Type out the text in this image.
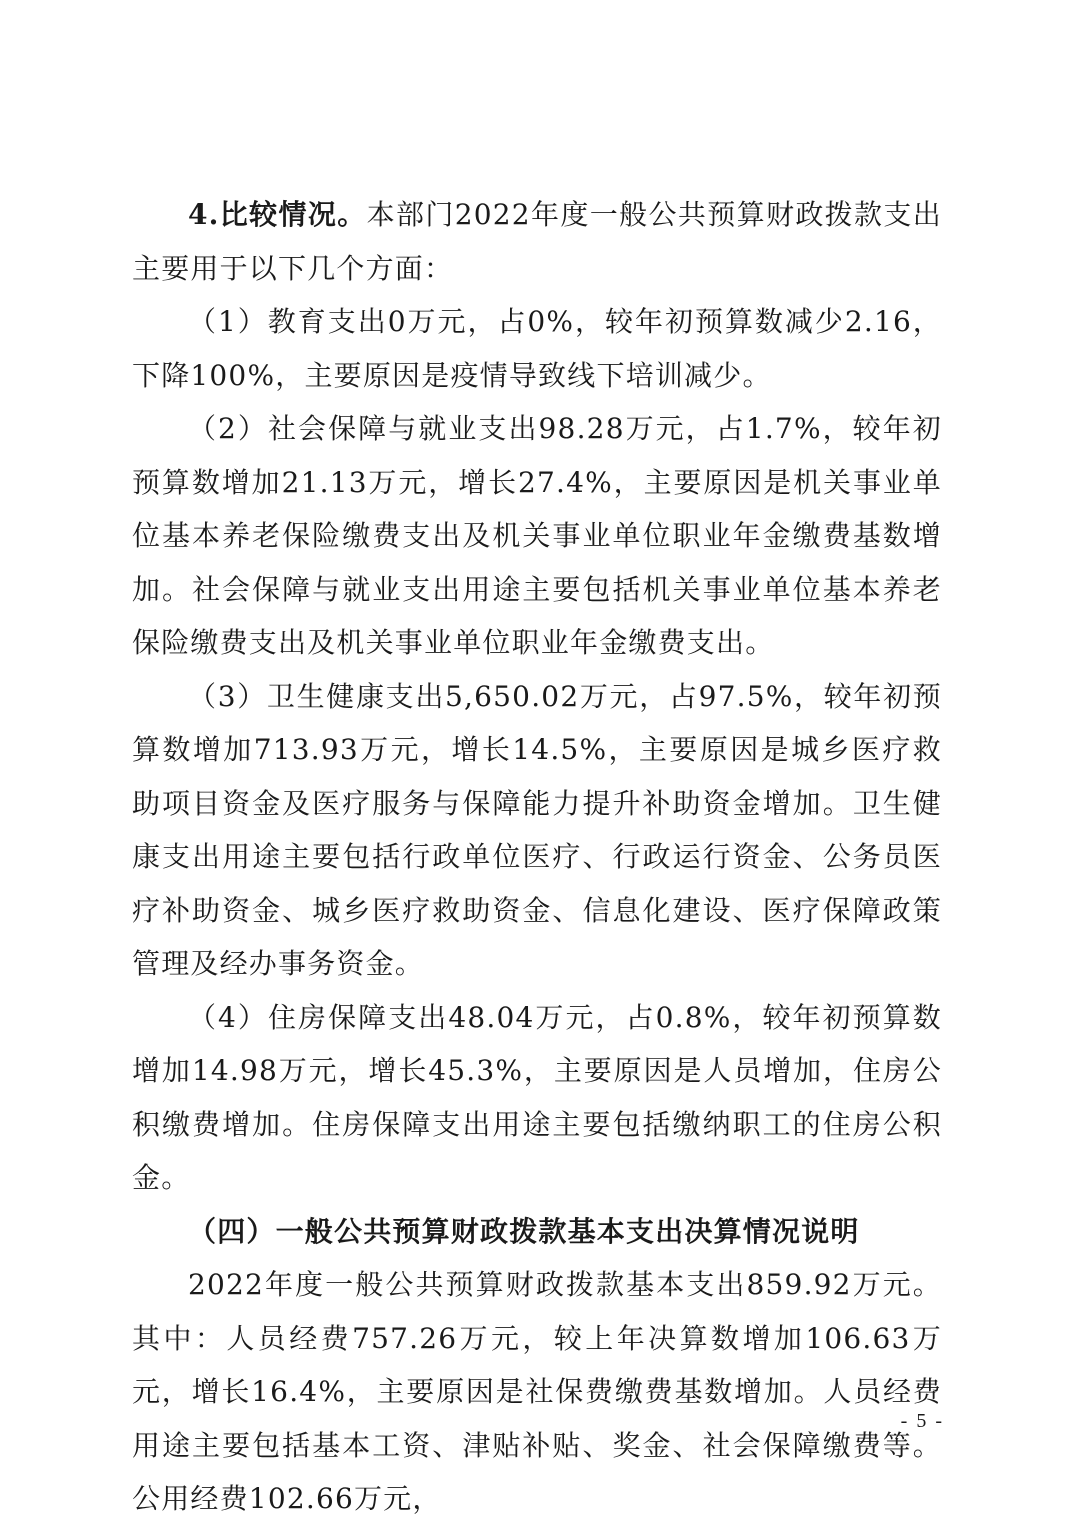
4.比较情况。本部门2022年度一般公共预算财政拨款支出主要用于以下几个方面：

（1）教育支出0万元，占0%，较年初预算数减少2.16，下降100%，主要原因是疫情导致线下培训减少。

（2）社会保障与就业支出98.28万元，占1.7%，较年初预算数增加21.13万元，增长27.4%，主要原因是机关事业单位基本养老保险缴费支出及机关事业单位职业年金缴费基数增加。社会保障与就业支出用途主要包括机关事业单位基本养老保险缴费支出及机关事业单位职业年金缴费支出。

（3）卫生健康支出5,650.02万元，占97.5%，较年初预算数增加713.93万元，增长14.5%，主要原因是城乡医疗救助项目资金及医疗服务与保障能力提升补助资金增加。卫生健康支出用途主要包括行政单位医疗、行政运行资金、公务员医疗补助资金、城乡医疗救助资金、信息化建设、医疗保障政策管理及经办事务资金。

（4）住房保障支出48.04万元，占0.8%，较年初预算数增加14.98万元，增长45.3%，主要原因是人员增加，住房公积缴费增加。住房保障支出用途主要包括缴纳职工的住房公积金。

（四）一般公共预算财政拨款基本支出决算情况说明

2022年度一般公共预算财政拨款基本支出859.92万元。其中：人员经费757.26万元，较上年决算数增加106.63万元，增长16.4%，主要原因是社保费缴费基数增加。人员经费用途主要包括基本工资、津贴补贴、奖金、社会保障缴费等。公用经费102.66万元，

- 5 -
